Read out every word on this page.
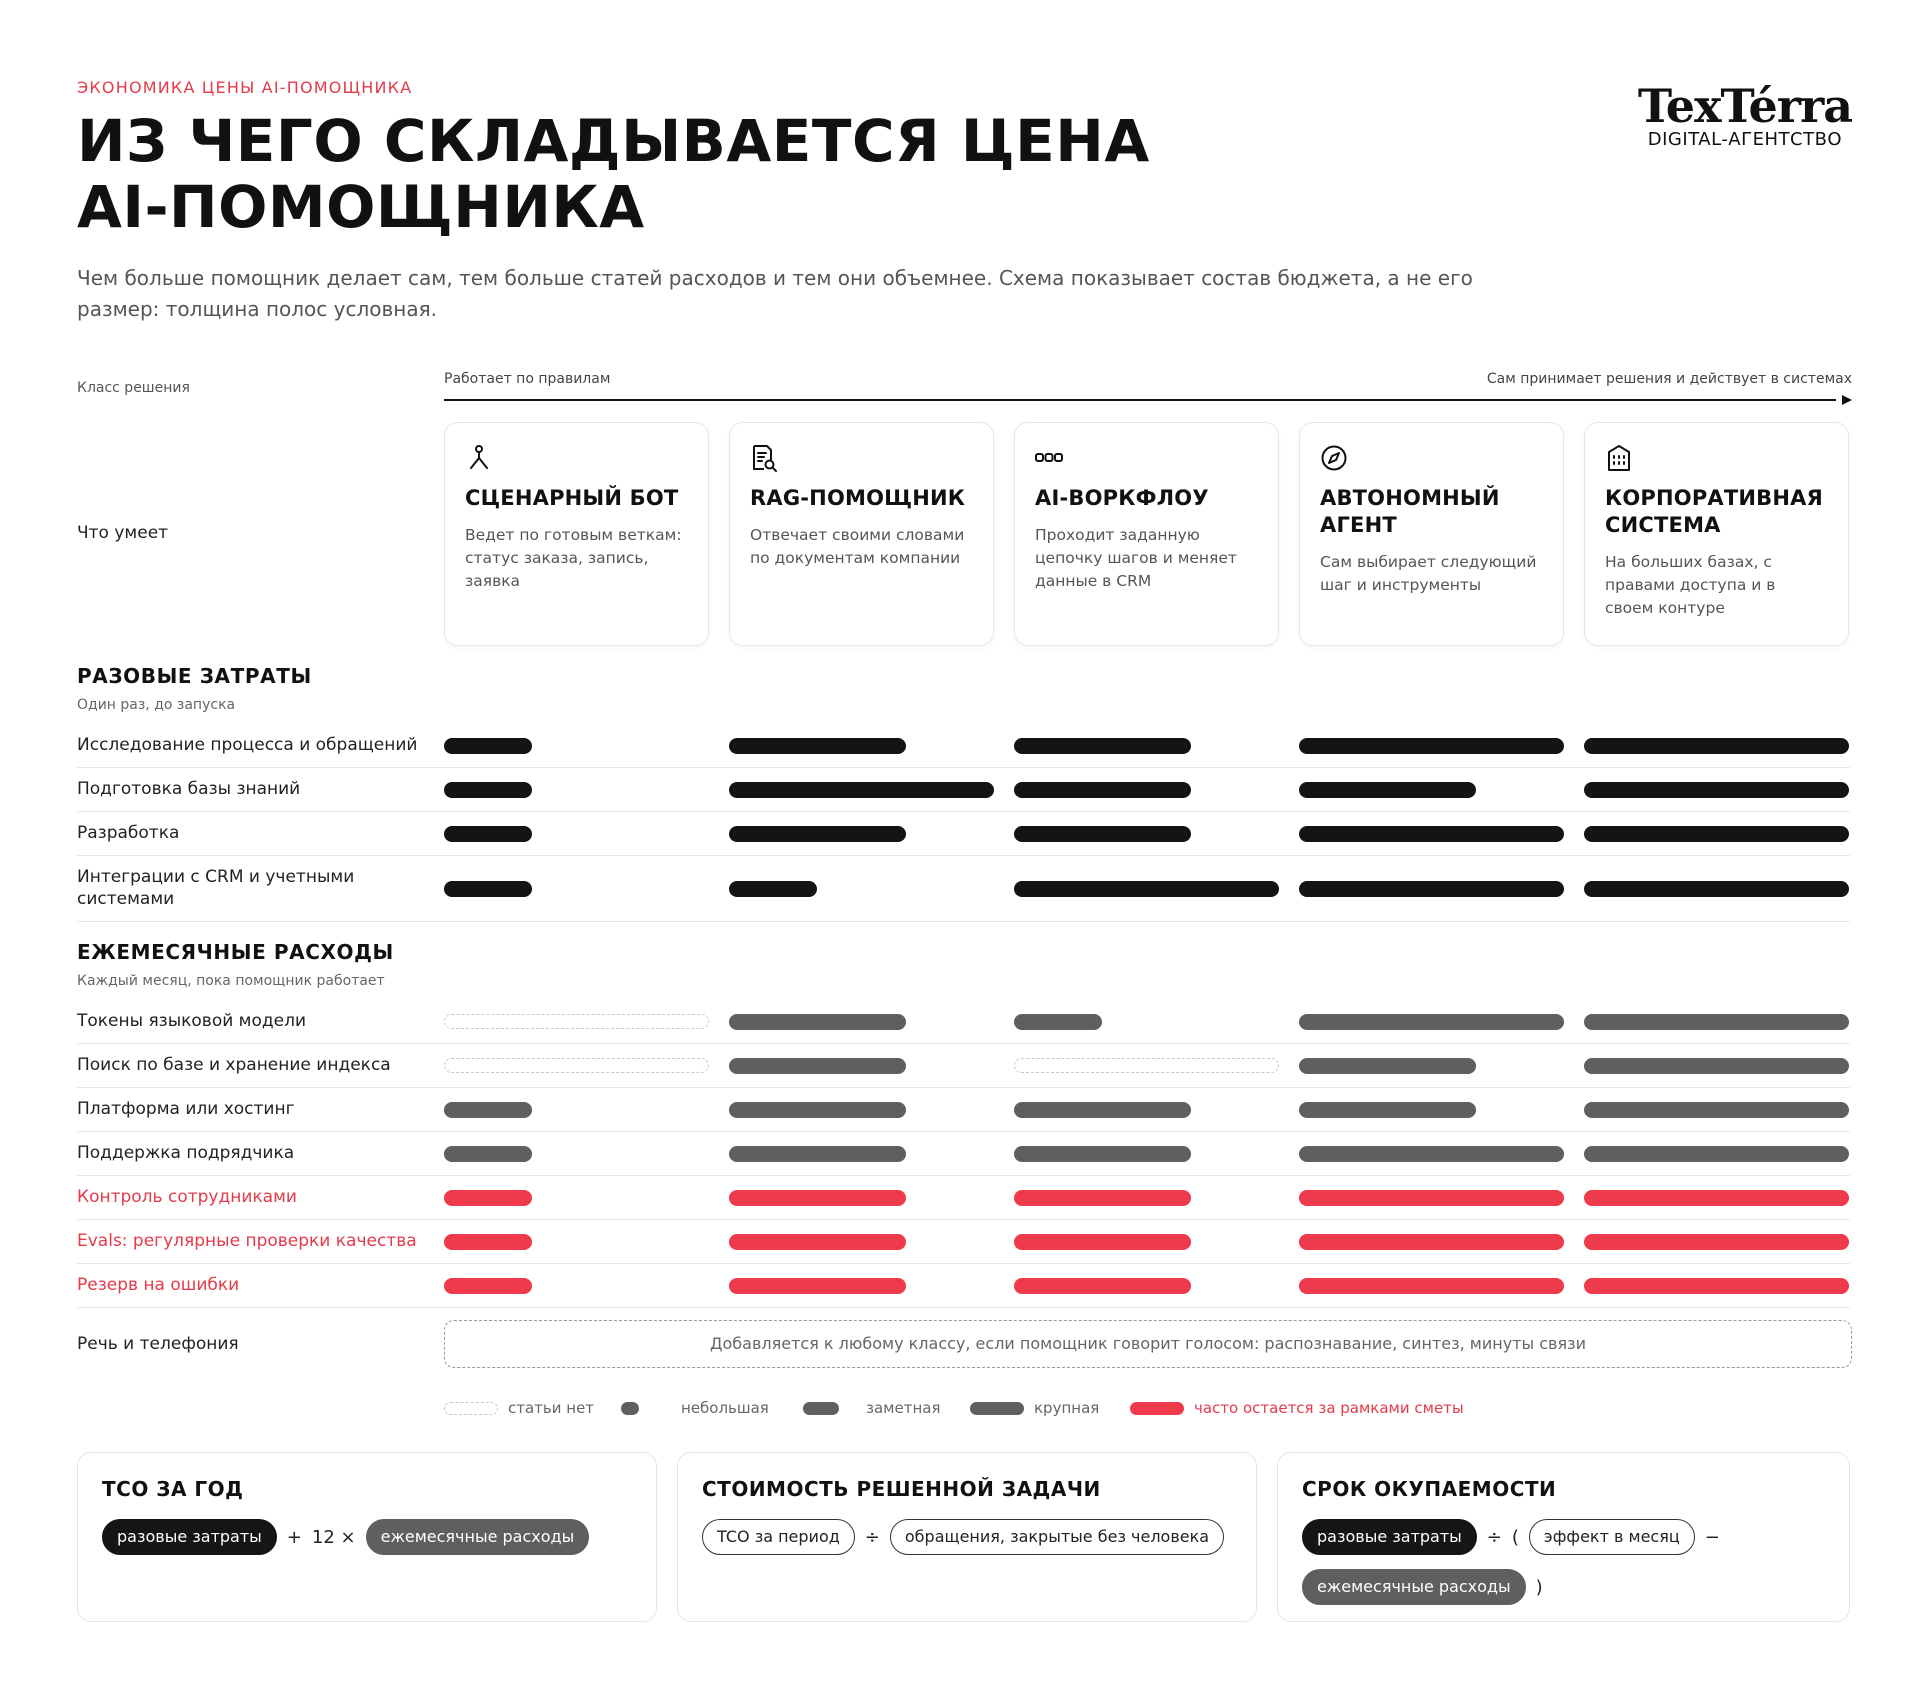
ЭКОНОМИКА ЦЕНЫ AI-ПОМОЩНИКА
ИЗ ЧЕГО СКЛАДЫВАЕТСЯ ЦЕНА
AI-ПОМОЩНИКА
TexTérra
DIGITAL-АГЕНТСТВО
Чем больше помощник делает сам, тем больше статей расходов и тем они объемнее. Схема показывает состав бюджета, а не его размер: толщина полос условная.
Класс решения
Работает по правилам	Сам принимает решения и действует в системах
Что умеет
СЦЕНАРНЫЙ БОТ
Ведет по готовым веткам: статус заказа, запись, заявка
RAG-ПОМОЩНИК
Отвечает своими словами по документам компании
AI-ВОРКФЛОУ
Проходит заданную цепочку шагов и меняет данные в CRM
АВТОНОМНЫЙ АГЕНТ
Сам выбирает следующий шаг и инструменты
КОРПОРАТИВНАЯ СИСТЕМА
На больших базах, с правами доступа и в своем контуре
РАЗОВЫЕ ЗАТРАТЫ
Один раз, до запуска
Исследование процесса и обращений
Подготовка базы знаний
Разработка
Интеграции с CRM и учетными системами
ЕЖЕМЕСЯЧНЫЕ РАСХОДЫ
Каждый месяц, пока помощник работает
Токены языковой модели
Поиск по базе и хранение индекса
Платформа или хостинг
Поддержка подрядчика
Контроль сотрудниками
Evals: регулярные проверки качества
Резерв на ошибки
Речь и телефония	Добавляется к любому классу, если помощник говорит голосом: распознавание, синтез, минуты связи
статьи нет	небольшая	заметная	крупная	часто остается за рамками сметы
TCO ЗА ГОД
разовые затраты	+ 12 ×	ежемесячные расходы
СТОИМОСТЬ РЕШЕННОЙ ЗАДАЧИ
TCO за период	÷	обращения, закрытые без человека
СРОК ОКУПАЕМОСТИ
разовые затраты	÷ (	эффект в месяц	−
ежемесячные расходы	)
